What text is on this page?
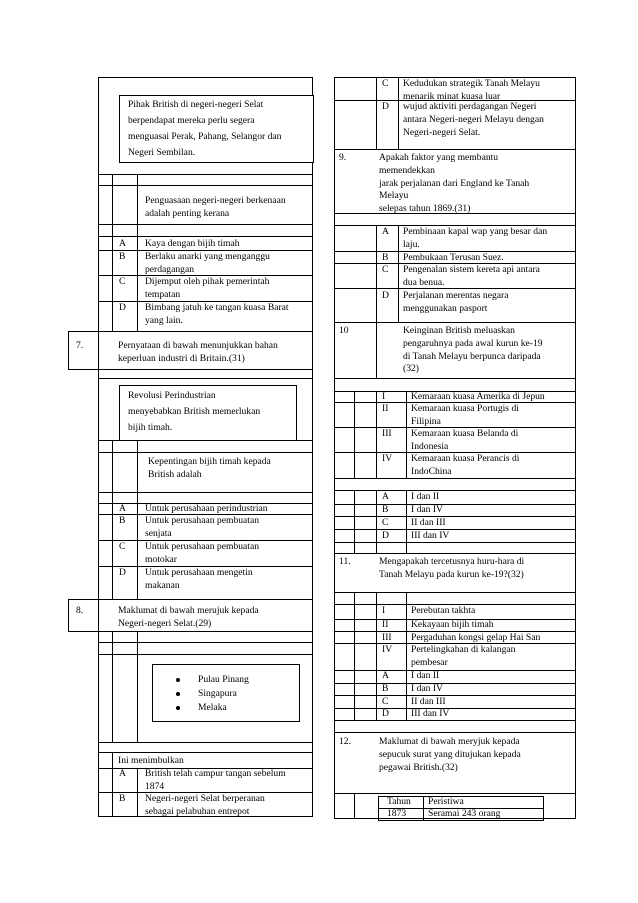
Pihak British di negeri-negeri Selat
berpendapat mereka perlu segera
menguasai Perak, Pahang, Selangor dan
Negeri Sembilan.
Penguasaan negeri-negeri berkenaan
adalah penting kerana
A Kaya dengan bijih timah
B Berlaku anarki yang menganggu
perdagangan
C Dijemput oleh pihak pemerintah
tempatan
D Bimbang jatuh ke tangan kuasa Barat
yang lain.
7.	Pernyataan di bawah menunjukkan bahan
keperluan industri di Britain.(31)
Revolusi Perindustrian
menyebabkan British memerlukan
bijih timah.
Kepentingan bijih timah kepada
British adalah
A Untuk perusahaan perindustrian
B Untuk perusahaan pembuatan
senjata
C Untuk perusahaan pembuatan
motokar
D Untuk perusahaan mengetin
makanan
8.	Maklumat di bawah merujuk kepada
Negeri-negeri Selat.(29)
Pulau Pinang
Singapura
Melaka
Ini menimbulkan
A British telah campur tangan sebelum
1874
B Negeri-negeri Selat berperanan
sebagai pelabuhan entrepot
C Kedudukan strategik Tanah Melayu
menarik minat kuasa luar
D wujud aktiviti perdagangan Negeri
antara Negeri-negeri Melayu dengan
Negeri-negeri Selat.
9.	Apakah faktor yang membantu
memendekkan
jarak perjalanan dari England ke Tanah
Melayu
selepas tahun 1869.(31)
A Pembinaan kapal wap yang besar dan
laju.
B Pembukaan Terusan Suez.
C Pengenalan sistem kereta api antara
dua benua.
D Perjalanan merentas negara
menggunakan pasport
10	Keinginan British meluaskan
pengaruhnya pada awal kurun ke-19
di Tanah Melayu berpunca daripada
(32)
I	Kemaraan kuasa Amerika di Jepun
II Kemaraan kuasa Portugis di
Filipina
III Kemaraan kuasa Belanda di
Indonesia
IV Kemaraan kuasa Perancis di
IndoChina
A I dan II
B I dan IV
C II dan III
D III dan IV
11.	Mengapakah tercetusnya huru-hara di
Tanah Melayu pada kurun ke-19?(32)
I	Perebutan takhta
II Kekayaan bijih timah
III Pergaduhan kongsi gelap Hai San
IV Pertelingkahan di kalangan
pembesar
A I dan II
B I dan IV
C II dan III
D III dan IV
12.	Maklumat di bawah meryjuk kepada
sepucuk surat yang ditujukan kepada
pegawai British.(32)
Tahun Peristiwa
1873 Seramai 243 orang
